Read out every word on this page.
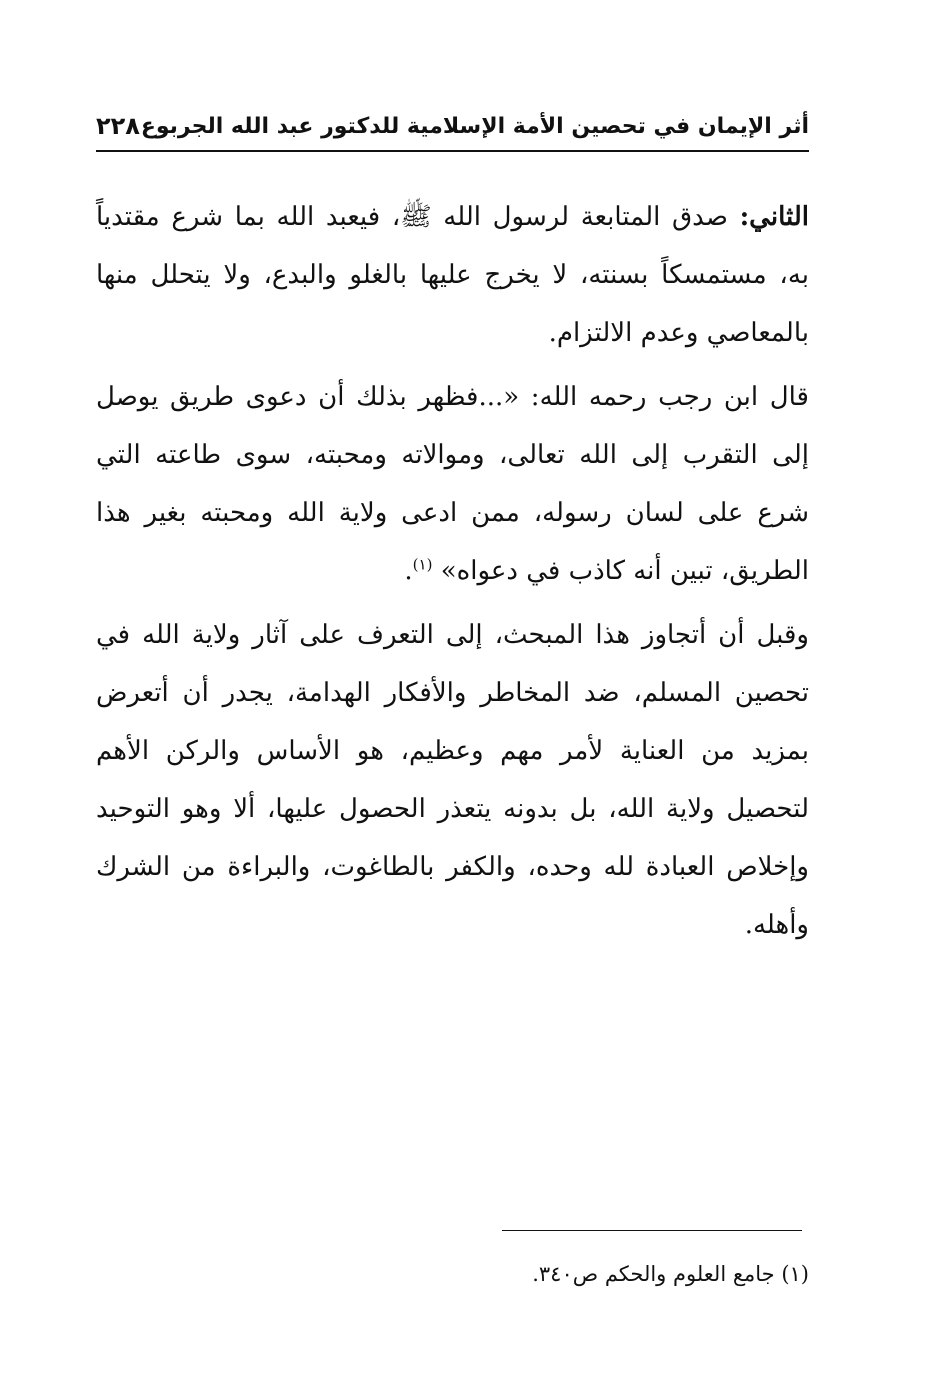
أثر الإيمان في تحصين الأمة الإسلامية للدكتور عبد الله الجربوع
٢٢٨

الثاني: صدق المتابعة لرسول الله ﷺ، فيعبد الله بما شرع مقتدياً به، مستمسكاً بسنته، لا يخرج عليها بالغلو والبدع، ولا يتحلل منها بالمعاصي وعدم الالتزام.

قال ابن رجب رحمه الله: «...فظهر بذلك أن دعوى طريق يوصل إلى التقرب إلى الله تعالى، وموالاته ومحبته، سوى طاعته التي شرع على لسان رسوله، ممن ادعى ولاية الله ومحبته بغير هذا الطريق، تبين أنه كاذب في دعواه» $^{(١)}$.

وقبل أن أتجاوز هذا المبحث، إلى التعرف على آثار ولاية الله في تحصين المسلم، ضد المخاطر والأفكار الهدامة، يجدر أن أتعرض بمزيد من العناية لأمر مهم وعظيم، هو الأساس والركن الأهم لتحصيل ولاية الله، بل بدونه يتعذر الحصول عليها، ألا وهو التوحيد وإخلاص العبادة لله وحده، والكفر بالطاغوت، والبراءة من الشرك وأهله.

(١) جامع العلوم والحكم ص٣٤٠.
